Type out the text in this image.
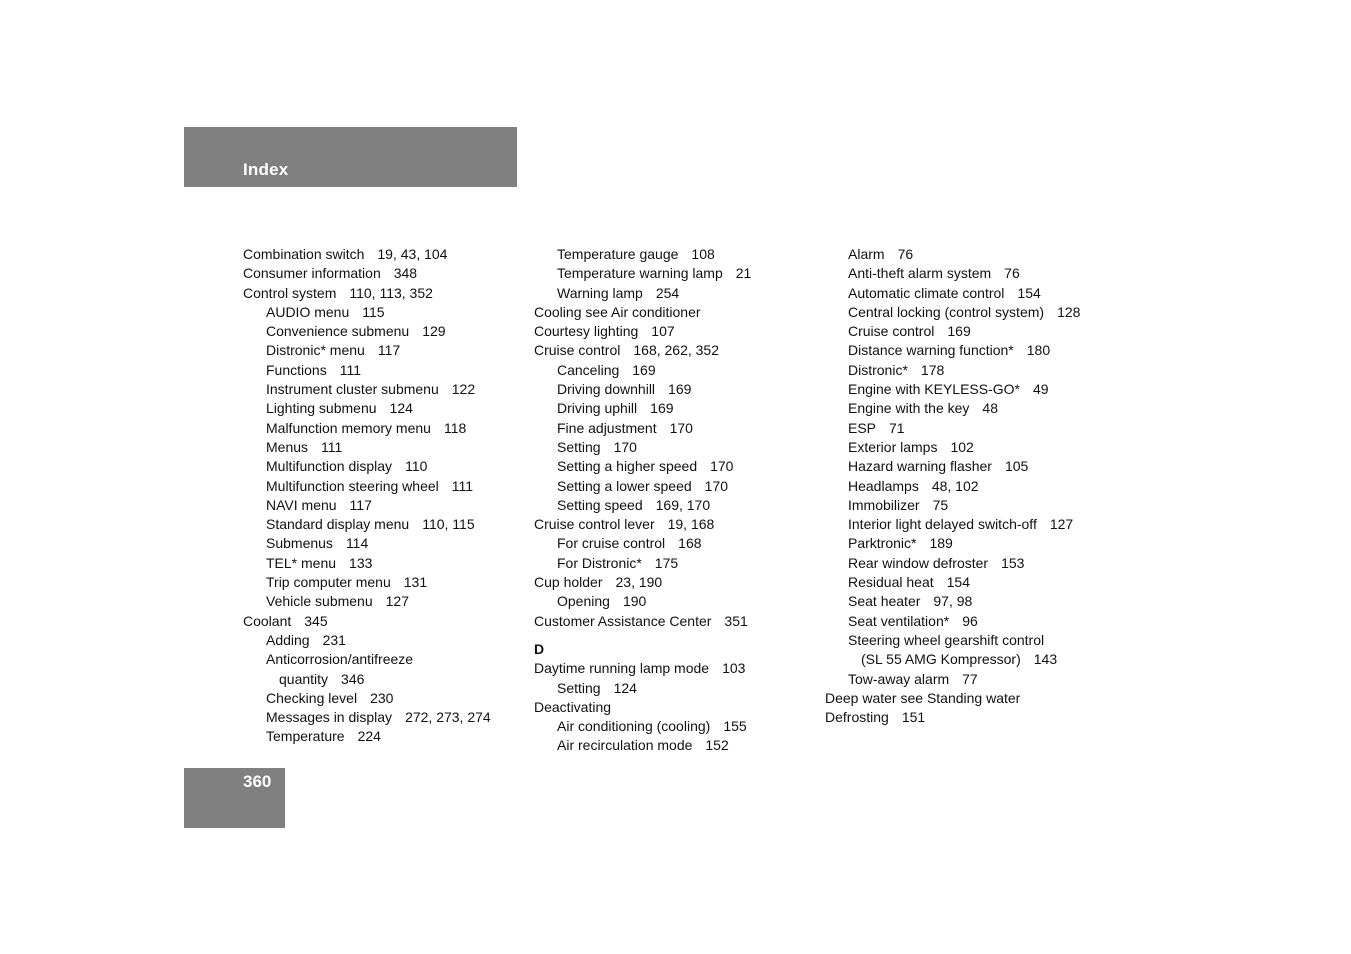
Index
360
Combination switch 19, 43, 104
Consumer information 348
Control system 110, 113, 352
AUDIO menu 115
Convenience submenu 129
Distronic* menu 117
Functions 111
Instrument cluster submenu 122
Lighting submenu 124
Malfunction memory menu 118
Menus 111
Multifunction display 110
Multifunction steering wheel 111
NAVI menu 117
Standard display menu 110, 115
Submenus 114
TEL* menu 133
Trip computer menu 131
Vehicle submenu 127
Coolant 345
Adding 231
Anticorrosion/antifreeze
quantity 346
Checking level 230
Messages in display 272, 273, 274
Temperature 224
Temperature gauge 108
Temperature warning lamp 21
Warning lamp 254
Cooling see Air conditioner
Courtesy lighting 107
Cruise control 168, 262, 352
Canceling 169
Driving downhill 169
Driving uphill 169
Fine adjustment 170
Setting 170
Setting a higher speed 170
Setting a lower speed 170
Setting speed 169, 170
Cruise control lever 19, 168
For cruise control 168
For Distronic* 175
Cup holder 23, 190
Opening 190
Customer Assistance Center 351
D
Daytime running lamp mode 103
Setting 124
Deactivating
Air conditioning (cooling) 155
Air recirculation mode 152
Alarm 76
Anti-theft alarm system 76
Automatic climate control 154
Central locking (control system) 128
Cruise control 169
Distance warning function* 180
Distronic* 178
Engine with KEYLESS-GO* 49
Engine with the key 48
ESP 71
Exterior lamps 102
Hazard warning flasher 105
Headlamps 48, 102
Immobilizer 75
Interior light delayed switch-off 127
Parktronic* 189
Rear window defroster 153
Residual heat 154
Seat heater 97, 98
Seat ventilation* 96
Steering wheel gearshift control
(SL 55 AMG Kompressor) 143
Tow-away alarm 77
Deep water see Standing water
Defrosting 151
